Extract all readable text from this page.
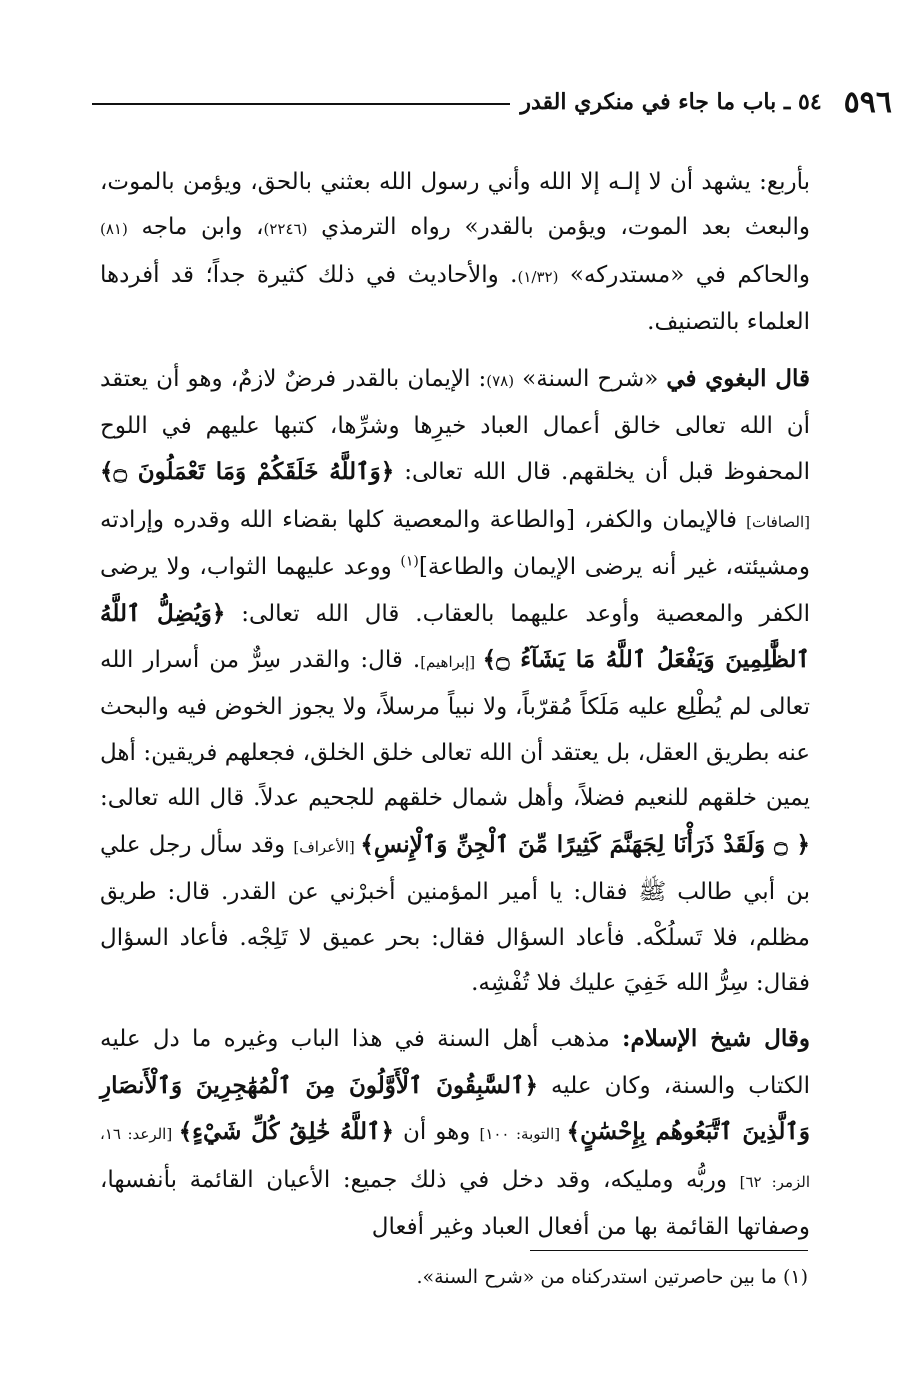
٥٩٦
٥٤ ـ باب ما جاء في منكري القدر

بأربع: يشهد أن لا إلـه إلا الله وأني رسول الله بعثني بالحق، ويؤمن بالموت، والبعث بعد الموت، ويؤمن بالقدر» رواه الترمذي (٢٢٤٦)، وابن ماجه (٨١) والحاكم في «مستدركه» (١/٣٢). والأحاديث في ذلك كثيرة جداً؛ قد أفردها العلماء بالتصنيف.

قال البغوي في «شرح السنة» (٧٨): الإيمان بالقدر فرضٌ لازمٌ، وهو أن يعتقد أن الله تعالى خالق أعمال العباد خيرِها وشرِّها، كتبها عليهم في اللوح المحفوظ قبل أن يخلقهم. قال الله تعالى: ﴿وَٱللَّهُ خَلَقَكُمْ وَمَا تَعْمَلُونَ ۝﴾ [الصافات] فالإيمان والكفر، [والطاعة والمعصية كلها بقضاء الله وقدره وإرادته ومشيئته، غير أنه يرضى الإيمان والطاعة]$^{(١)}$ ووعد عليهما الثواب، ولا يرضى الكفر والمعصية وأوعد عليهما بالعقاب. قال الله تعالى: ﴿وَيُضِلُّ ٱللَّهُ ٱلظَّٰلِمِينَ وَيَفْعَلُ ٱللَّهُ مَا يَشَآءُ ۝﴾ [إبراهيم]. قال: والقدر سِرٌّ من أسرار الله تعالى لم يُطْلِع عليه مَلَكاً مُقرّباً، ولا نبياً مرسلاً، ولا يجوز الخوض فيه والبحث عنه بطريق العقل، بل يعتقد أن الله تعالى خلق الخلق، فجعلهم فريقين: أهل يمين خلقهم للنعيم فضلاً، وأهل شمال خلقهم للجحيم عدلاً. قال الله تعالى: ﴿ ۝ وَلَقَدْ ذَرَأْنَا لِجَهَنَّمَ كَثِيرًا مِّنَ ٱلْجِنِّ وَٱلْإِنسِ﴾ [الأعراف] وقد سأل رجل علي بن أبي طالب ﷺ فقال: يا أمير المؤمنين أخبرْني عن القدر. قال: طريق مظلم، فلا تَسلُكْه. فأعاد السؤال فقال: بحر عميق لا تَلِجْه. فأعاد السؤال فقال: سِرُّ الله خَفِيَ عليك فلا تُفْشِه.

وقال شيخ الإسلام: مذهب أهل السنة في هذا الباب وغيره ما دل عليه الكتاب والسنة، وكان عليه ﴿ٱلسَّٰبِقُونَ ٱلْأَوَّلُونَ مِنَ ٱلْمُهَٰجِرِينَ وَٱلْأَنصَارِ وَٱلَّذِينَ ٱتَّبَعُوهُم بِإِحْسَٰنٍ﴾ [التوبة: ١٠٠] وهو أن ﴿ٱللَّهُ خَٰلِقُ كُلِّ شَيْءٍ﴾ [الرعد: ١٦، الزمر: ٦٢] وربُّه ومليكه، وقد دخل في ذلك جميع: الأعيان القائمة بأنفسها، وصفاتها القائمة بها من أفعال العباد وغير أفعال

(١) ما بين حاصرتين استدركناه من «شرح السنة».
